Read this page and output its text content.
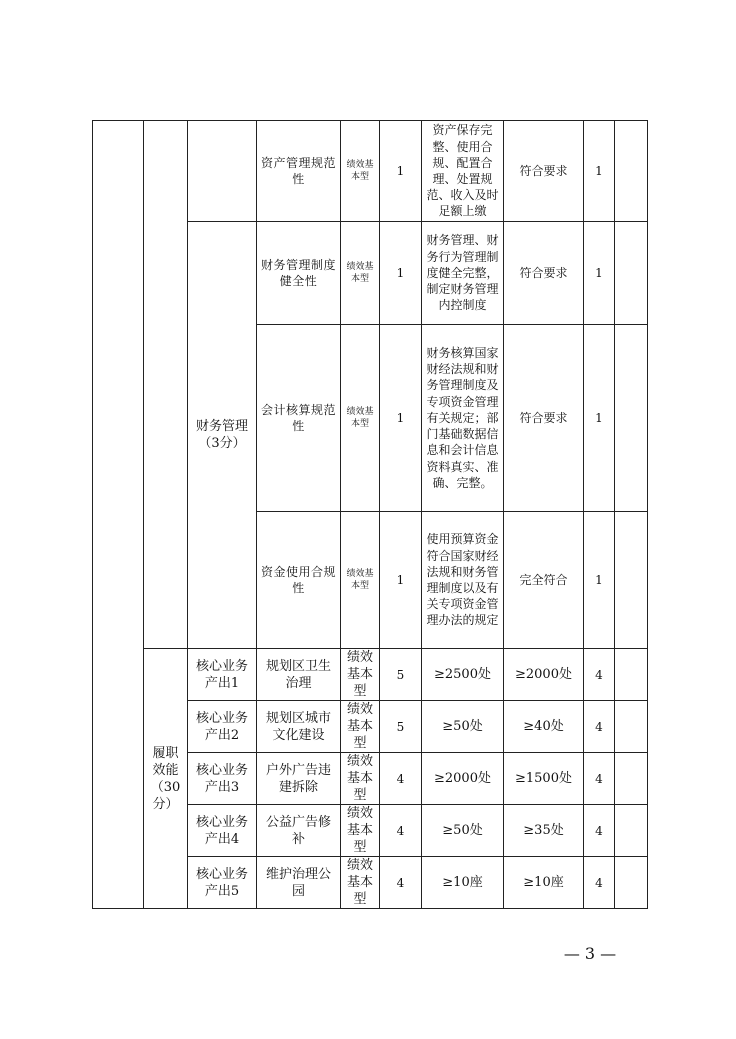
			资产管理规范性	绩效基本型	1	资产保存完整、使用合规、配置合理、处置规范、收入及时足额上缴	符合要求	1	
		财务管理（3分）	财务管理制度健全性	绩效基本型	1	财务管理、财务行为管理制度健全完整，制定财务管理内控制度	符合要求	1	
			会计核算规范性	绩效基本型	1	财务核算国家财经法规和财务管理制度及专项资金管理有关规定；部门基础数据信息和会计信息资料真实、准确、完整。	符合要求	1	
			资金使用合规性	绩效基本型	1	使用预算资金符合国家财经法规和财务管理制度以及有关专项资金管理办法的规定	完全符合	1	
	履职效能（30分）	核心业务产出1	规划区卫生治理	绩效基本型	5	≥2500处	≥2000处	4	
		核心业务产出2	规划区城市文化建设	绩效基本型	5	≥50处	≥40处	4	
		核心业务产出3	户外广告违建拆除	绩效基本型	4	≥2000处	≥1500处	4	
		核心业务产出4	公益广告修补	绩效基本型	4	≥50处	≥35处	4	
		核心业务产出5	维护治理公园	绩效基本型	4	≥10座	≥10座	4	
— 3 —
